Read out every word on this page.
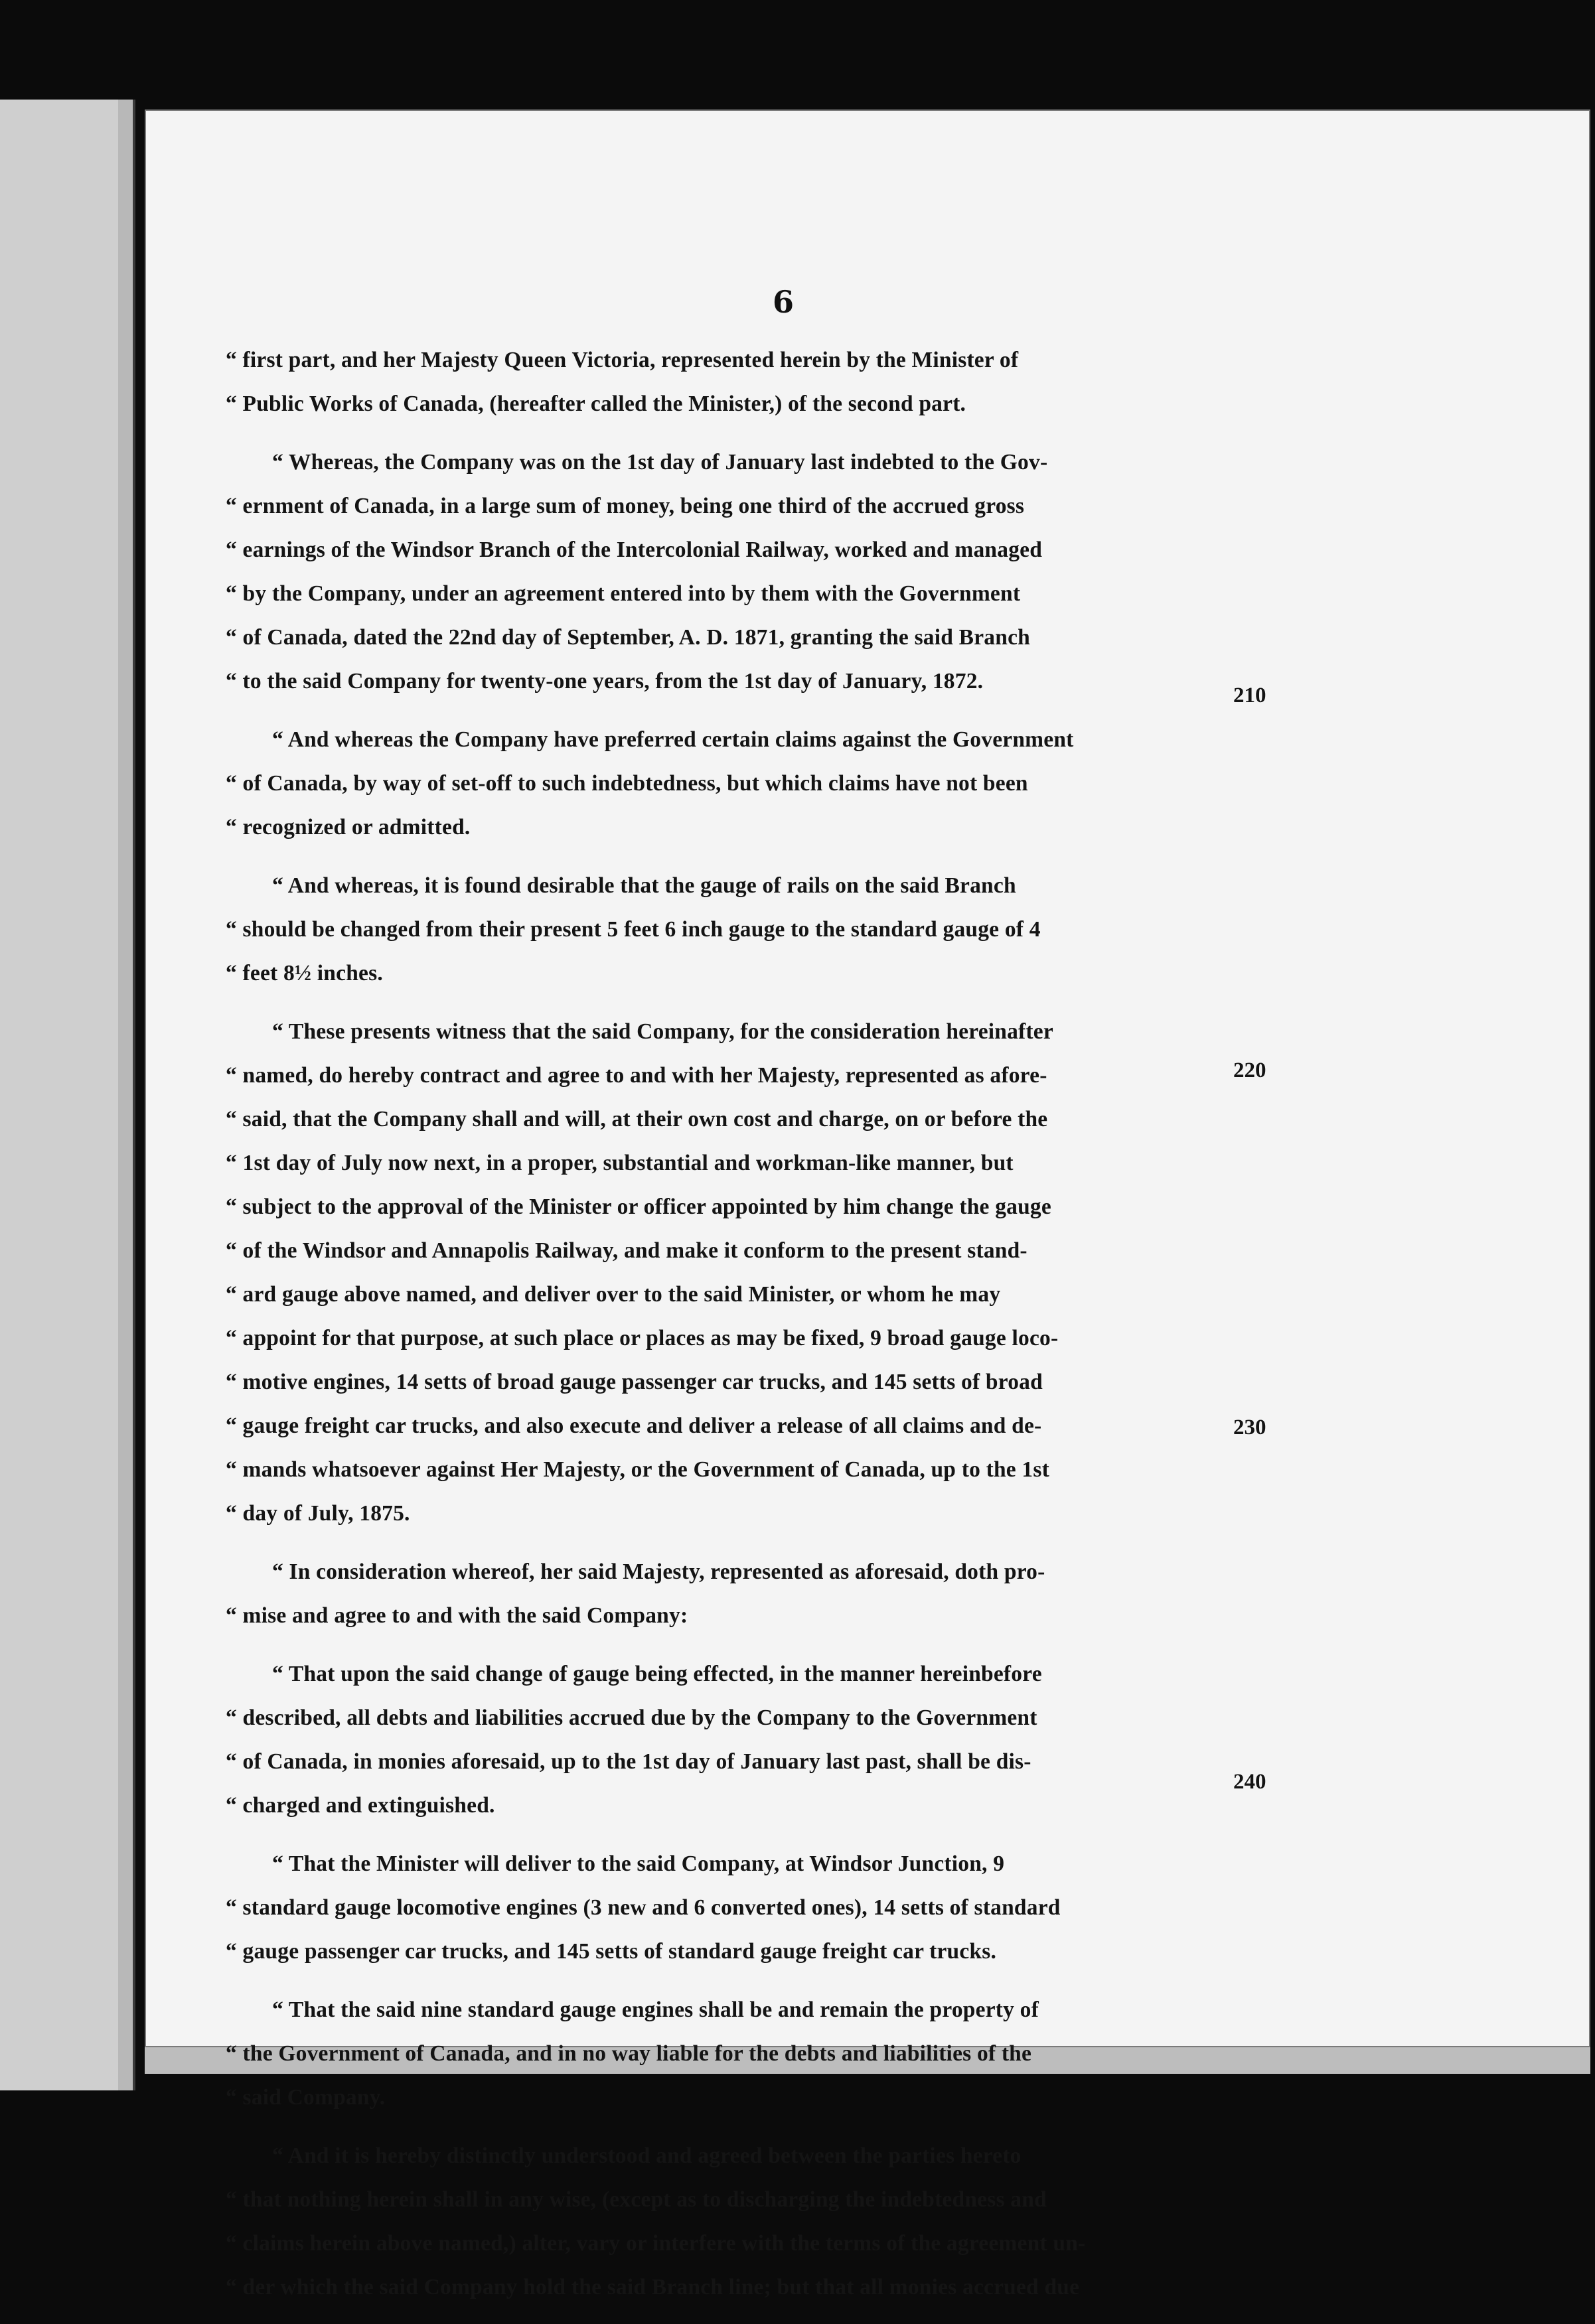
6
“ first part, and her Majesty Queen Victoria, represented herein by the Minister of
“ Public Works of Canada, (hereafter called the Minister,) of the second part.
“ Whereas, the Company was on the 1st day of January last indebted to the Gov-
“ ernment of Canada, in a large sum of money, being one third of the accrued gross
“ earnings of the Windsor Branch of the Intercolonial Railway, worked and managed
“ by the Company, under an agreement entered into by them with the Government
“ of Canada, dated the 22nd day of September, A. D. 1871, granting the said Branch
“ to the said Company for twenty-one years, from the 1st day of January, 1872.
“ And whereas the Company have preferred certain claims against the Government
“ of Canada, by way of set-off to such indebtedness, but which claims have not been
“ recognized or admitted.
“ And whereas, it is found desirable that the gauge of rails on the said Branch
“ should be changed from their present 5 feet 6 inch gauge to the standard gauge of 4
“ feet 8½ inches.
“ These presents witness that the said Company, for the consideration hereinafter
“ named, do hereby contract and agree to and with her Majesty, represented as afore-
“ said, that the Company shall and will, at their own cost and charge, on or before the
“ 1st day of July now next, in a proper, substantial and workman-like manner, but
“ subject to the approval of the Minister or officer appointed by him change the gauge
“ of the Windsor and Annapolis Railway, and make it conform to the present stand-
“ ard gauge above named, and deliver over to the said Minister, or whom he may
“ appoint for that purpose, at such place or places as may be fixed, 9 broad gauge loco-
“ motive engines, 14 setts of broad gauge passenger car trucks, and 145 setts of broad
“ gauge freight car trucks, and also execute and deliver a release of all claims and de-
“ mands whatsoever against Her Majesty, or the Government of Canada, up to the 1st
“ day of July, 1875.
“ In consideration whereof, her said Majesty, represented as aforesaid, doth pro-
“ mise and agree to and with the said Company:
“ That upon the said change of gauge being effected, in the manner hereinbefore
“ described, all debts and liabilities accrued due by the Company to the Government
“ of Canada, in monies aforesaid, up to the 1st day of January last past, shall be dis-
“ charged and extinguished.
“ That the Minister will deliver to the said Company, at Windsor Junction, 9
“ standard gauge locomotive engines (3 new and 6 converted ones), 14 setts of standard
“ gauge passenger car trucks, and 145 setts of standard gauge freight car trucks.
“ That the said nine standard gauge engines shall be and remain the property of
“ the Government of Canada, and in no way liable for the debts and liabilities of the
“ said Company.
“ And it is hereby distinctly understood and agreed between the parties hereto
“ that nothing herein shall in any wise, (except as to discharging the indebtedness and
“ claims herein above named,) alter, vary or interfere with the terms of the agreement un-
“ der which the said Company hold the said Branch line; but that all monies accrued due
210
220
230
240
